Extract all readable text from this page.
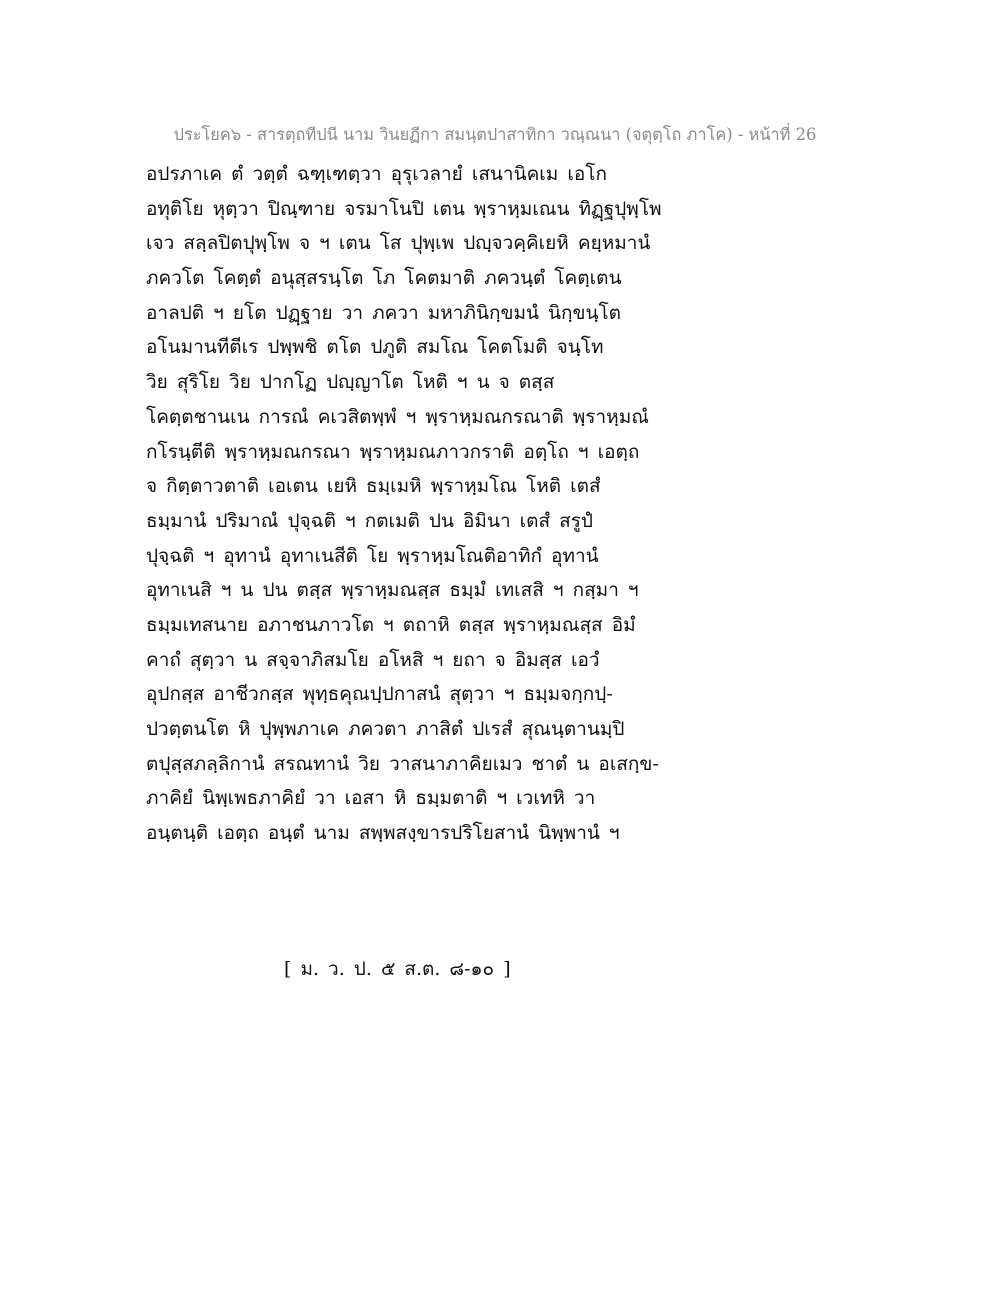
ประโยค๖ - สารตฺถทีปนี นาม วินยฏีกา สมนฺตปาสาทิกา วณฺณนา (จตุตฺโถ ภาโค) - หน้าที่ 26
อปรภาเค ตํ วตฺตํ ฉฑฺเฑตฺวา อุรุเวลายํ เสนานิคเม เอโก
อทุติโย หุตฺวา ปิณฺฑาย จรมาโนปิ เตน พฺราหฺมเณน ทิฏฺฐปุพฺโพ
เจว สลฺลปิตปุพฺโพ จ ฯ เตน โส ปุพฺเพ ปญฺจวคฺคิเยหิ คยฺหมานํ
ภควโต โคตฺตํ อนุสฺสรนฺโต โภ โคตมาติ ภควนฺตํ โคตฺเตน
อาลปติ ฯ ยโต ปฏฺฐาย วา ภควา มหาภินิกฺขมนํ นิกฺขนฺโต
อโนมานทีตีเร ปพฺพชิ ตโต ปภูติ สมโณ โคตโมติ จนฺโท
วิย สุริโย วิย ปากโฏ ปญฺญาโต โหติ ฯ น จ ตสฺส
โคตฺตชานเน การณํ คเวสิตพฺพํ ฯ พฺราหฺมณกรณาติ พฺราหฺมณํ
กโรนฺตีติ พฺราหฺมณกรณา พฺราหฺมณภาวกราติ อตฺโถ ฯ เอตฺถ
จ กิตฺตาวตาติ เอเตน เยหิ ธมฺเมหิ พฺราหฺมโณ โหติ เตสํ
ธมฺมานํ ปริมาณํ ปุจฺฉติ ฯ กตเมติ ปน อิมินา เตสํ สรูปํ
ปุจฺฉติ ฯ อุทานํ อุทาเนสีติ โย พฺราหฺมโณติอาทิกํ อุทานํ
อุทาเนสิ ฯ น ปน ตสฺส พฺราหฺมณสฺส ธมฺมํ เทเสสิ ฯ กสฺมา ฯ
ธมฺมเทสนาย อภาชนภาวโต ฯ ตถาหิ ตสฺส พฺราหฺมณสฺส อิมํ
คาถํ สุตฺวา น สจฺจาภิสมโย อโหสิ ฯ ยถา จ อิมสฺส เอวํ
อุปกสฺส อาชีวกสฺส พุทฺธคุณปฺปกาสนํ สุตฺวา ฯ ธมฺมจกฺกปฺ-
ปวตฺตนโต หิ ปุพฺพภาเค ภควตา ภาสิตํ ปเรสํ สุณนฺตานมฺปิ
ตปุสฺสภลฺลิกานํ สรณทานํ วิย วาสนาภาคิยเมว ชาตํ น อเสกฺข-
ภาคิยํ นิพฺเพธภาคิยํ วา เอสา หิ ธมฺมตาติ ฯ เวเทหิ วา
อนฺตนฺติ เอตฺถ อนฺตํ นาม สพฺพสงฺขารปริโยสานํ นิพฺพานํ ฯ
[ ม. ว. ป. ๕ ส.ต. ๘-๑๐ ]
